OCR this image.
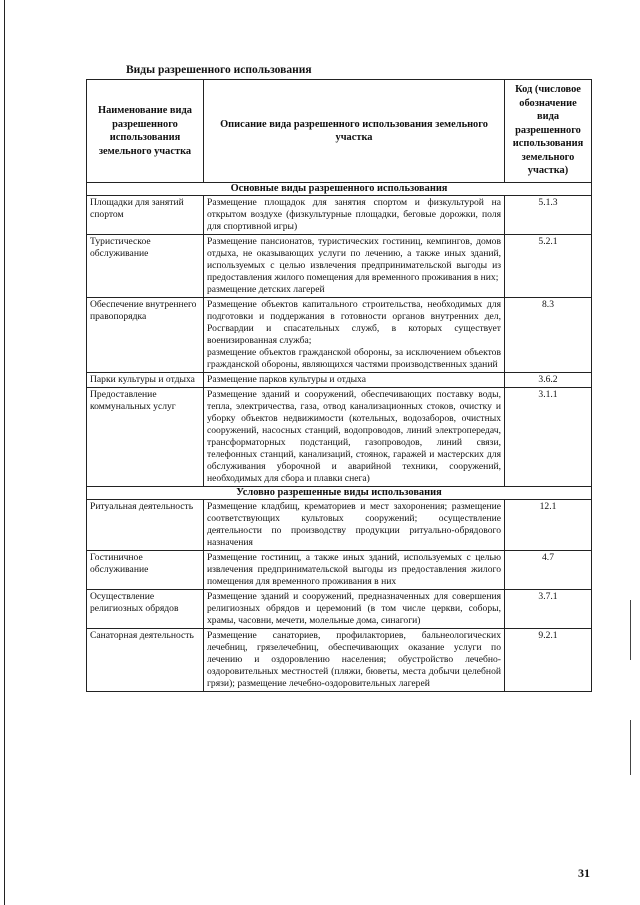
Виды разрешенного использования
Наименование вида разрешенного использования земельного участка	Описание вида разрешенного использования земельного участка	Код (числовое обозначение вида разрешенного использования земельного участка)
Основные виды разрешенного использования		
Площадки для занятий спортом	Размещение площадок для занятия спортом и физкультурой на открытом воздухе (физкультурные площадки, беговые дорожки, поля для спортивной игры)	5.1.3
Туристическое обслуживание	Размещение пансионатов, туристических гостиниц, кемпингов, домов отдыха, не оказывающих услуги по лечению, а также иных зданий, используемых с целью извлечения предпринимательской выгоды из предоставления жилого помещения для временного проживания в них;
размещение детских лагерей	5.2.1
Обеспечение внутреннего правопорядка	Размещение объектов капитального строительства, необходимых для подготовки и поддержания в готовности органов внутренних дел, Росгвардии и спасательных служб, в которых существует военизированная служба;
размещение объектов гражданской обороны, за исключением объектов гражданской обороны, являющихся частями производственных зданий	8.3
Парки культуры и отдыха	Размещение парков культуры и отдыха	3.6.2
Предоставление коммунальных услуг	Размещение зданий и сооружений, обеспечивающих поставку воды, тепла, электричества, газа, отвод канализационных стоков, очистку и уборку объектов недвижимости (котельных, водозаборов, очистных сооружений, насосных станций, водопроводов, линий электропередач, трансформаторных подстанций, газопроводов, линий связи, телефонных станций, канализаций, стоянок, гаражей и мастерских для обслуживания уборочной и аварийной техники, сооружений, необходимых для сбора и плавки снега)	3.1.1
Условно разрешенные виды использования		
Ритуальная деятельность	Размещение кладбищ, крематориев и мест захоронения; размещение соответствующих культовых сооружений; осуществление деятельности по производству продукции ритуально-обрядового назначения	12.1
Гостиничное обслуживание	Размещение гостиниц, а также иных зданий, используемых с целью извлечения предпринимательской выгоды из предоставления жилого помещения для временного проживания в них	4.7
Осуществление религиозных обрядов	Размещение зданий и сооружений, предназначенных для совершения религиозных обрядов и церемоний (в том числе церкви, соборы, храмы, часовни, мечети, молельные дома, синагоги)	3.7.1
Санаторная деятельность	Размещение санаториев, профилакториев, бальнеологических лечебниц, грязелечебниц, обеспечивающих оказание услуги по лечению и оздоровлению населения; обустройство лечебно-оздоровительных местностей (пляжи, бюветы, места добычи целебной грязи); размещение лечебно-оздоровительных лагерей	9.2.1
31
